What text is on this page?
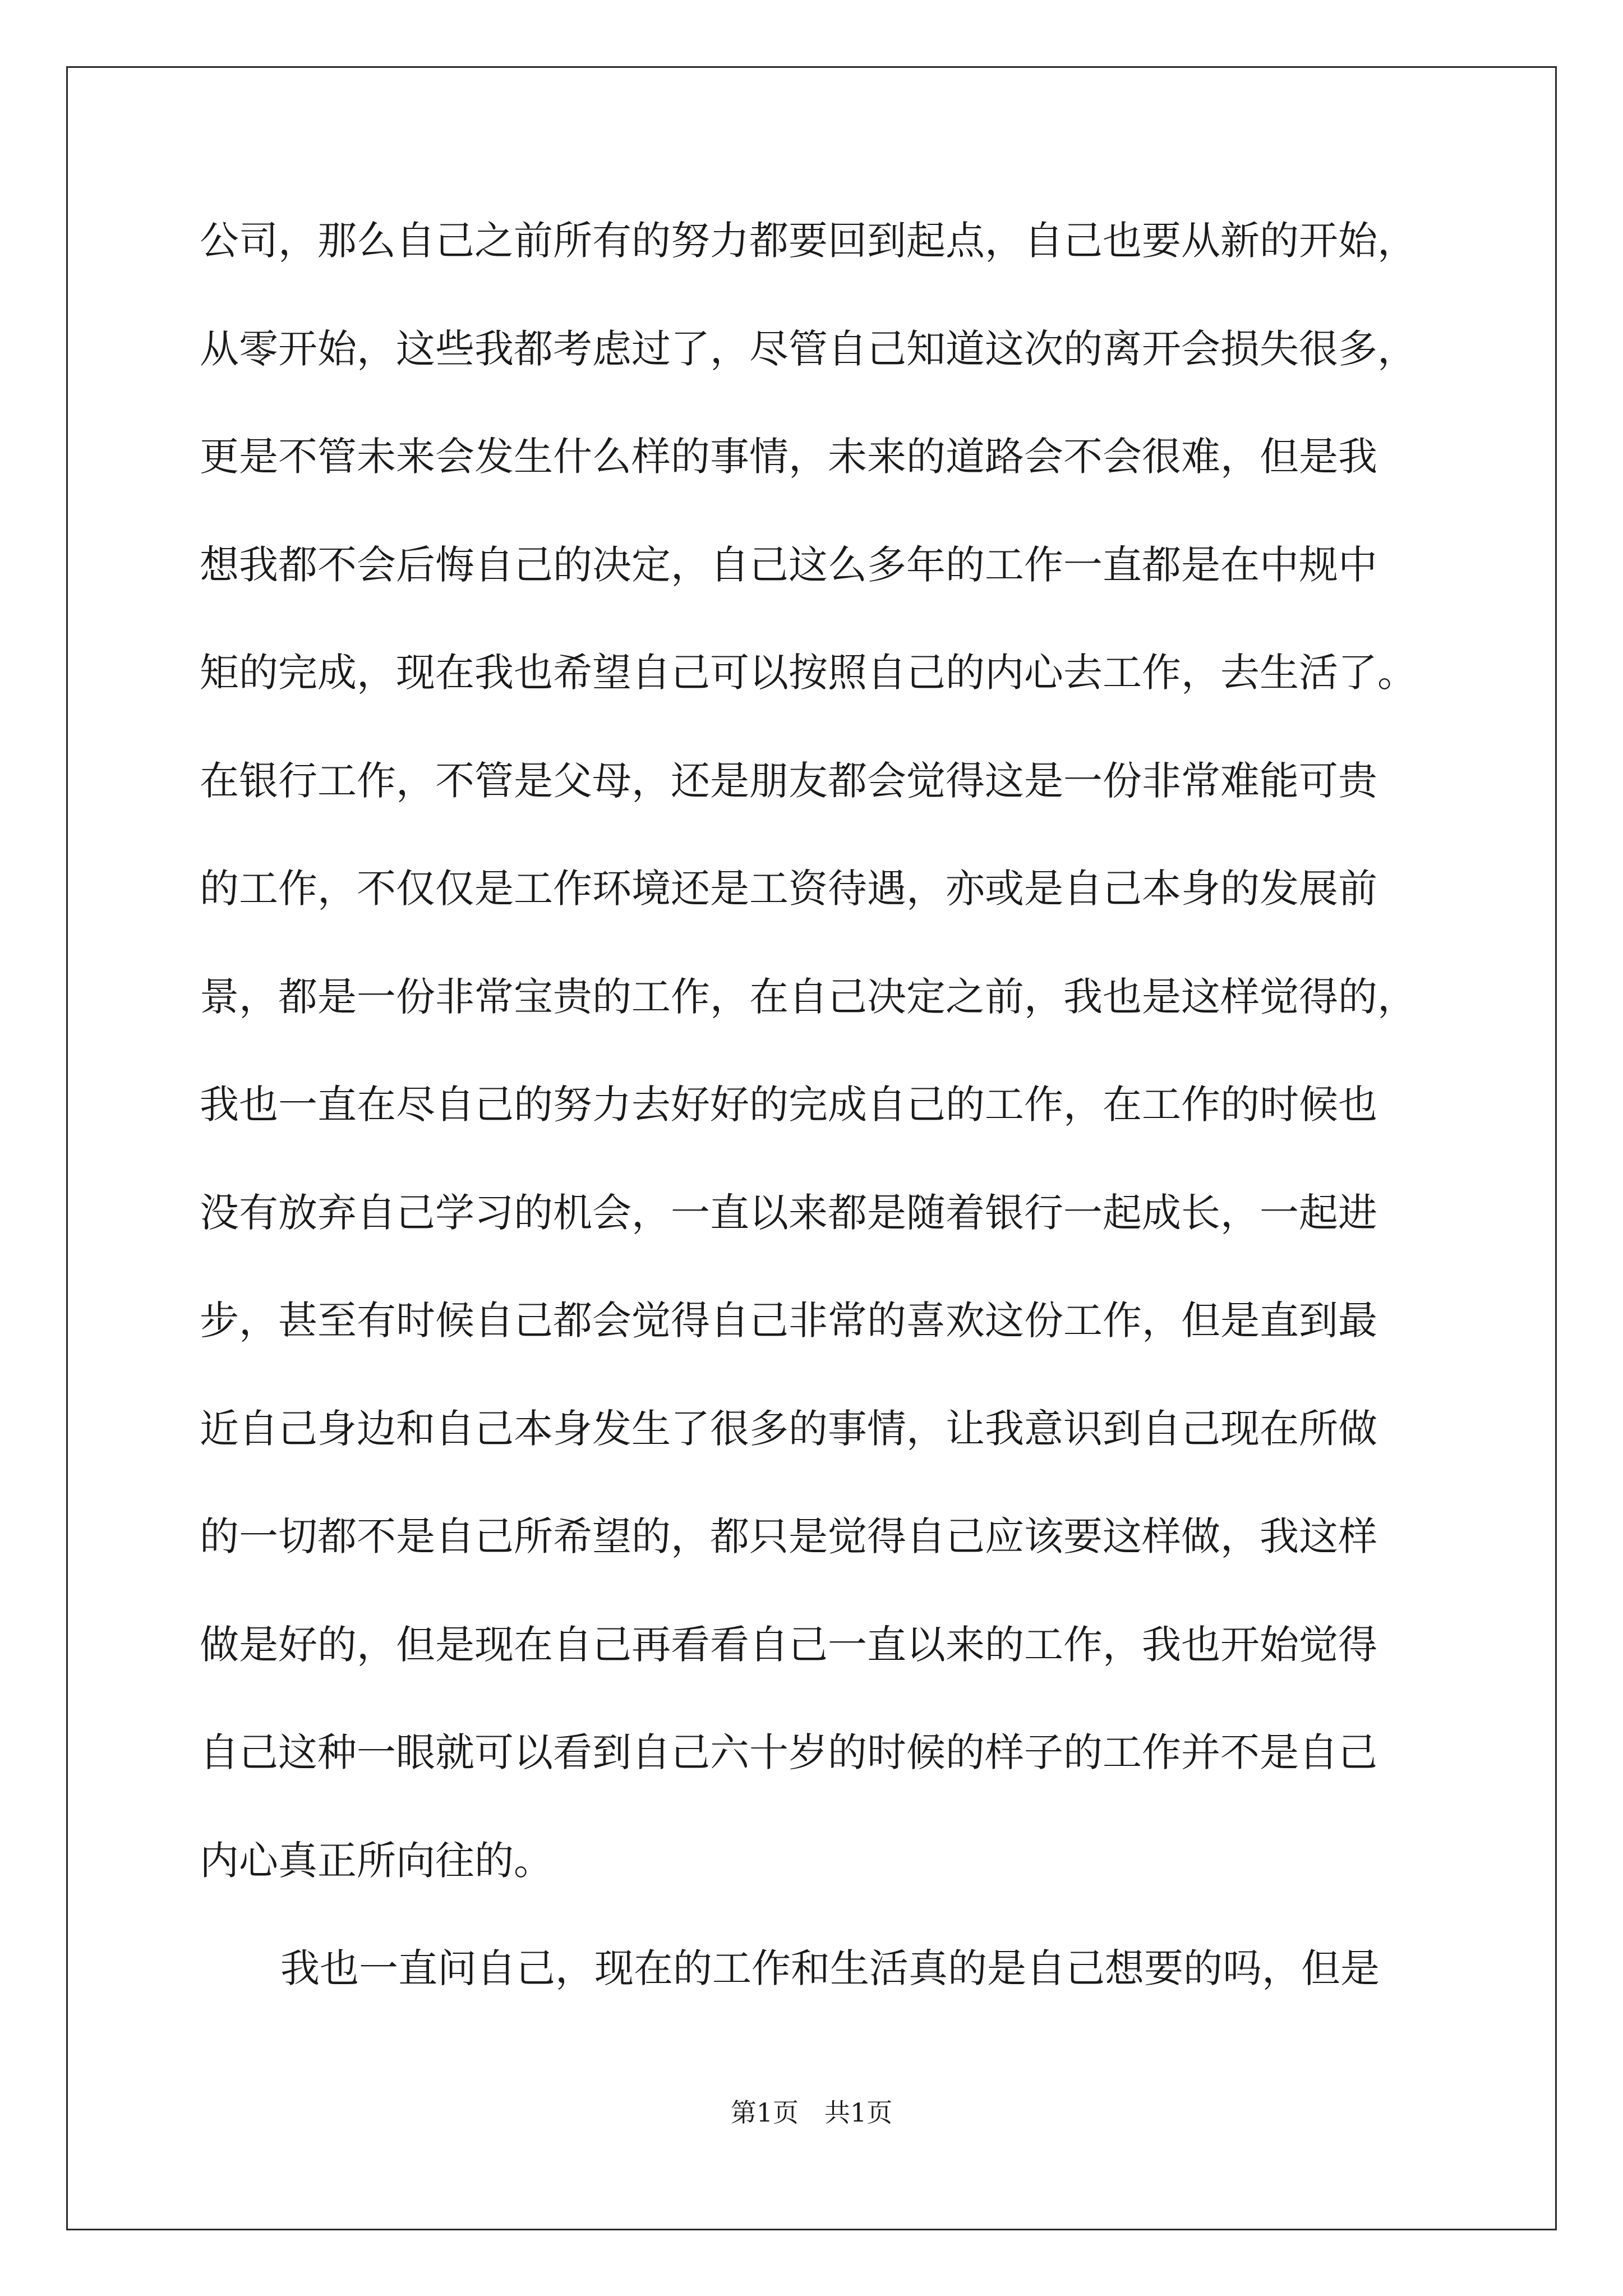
公司，那么自己之前所有的努力都要回到起点，自己也要从新的开始，
从零开始，这些我都考虑过了，尽管自己知道这次的离开会损失很多，
更是不管未来会发生什么样的事情，未来的道路会不会很难，但是我
想我都不会后悔自己的决定，自己这么多年的工作一直都是在中规中
矩的完成，现在我也希望自己可以按照自己的内心去工作，去生活了。
在银行工作，不管是父母，还是朋友都会觉得这是一份非常难能可贵
的工作，不仅仅是工作环境还是工资待遇，亦或是自己本身的发展前
景，都是一份非常宝贵的工作，在自己决定之前，我也是这样觉得的，
我也一直在尽自己的努力去好好的完成自己的工作，在工作的时候也
没有放弃自己学习的机会，一直以来都是随着银行一起成长，一起进
步，甚至有时候自己都会觉得自己非常的喜欢这份工作，但是直到最
近自己身边和自己本身发生了很多的事情，让我意识到自己现在所做
的一切都不是自己所希望的，都只是觉得自己应该要这样做，我这样
做是好的，但是现在自己再看看自己一直以来的工作，我也开始觉得
自己这种一眼就可以看到自己六十岁的时候的样子的工作并不是自己
内心真正所向往的。
我也一直问自己，现在的工作和生活真的是自己想要的吗，但是
第1页　共1页
